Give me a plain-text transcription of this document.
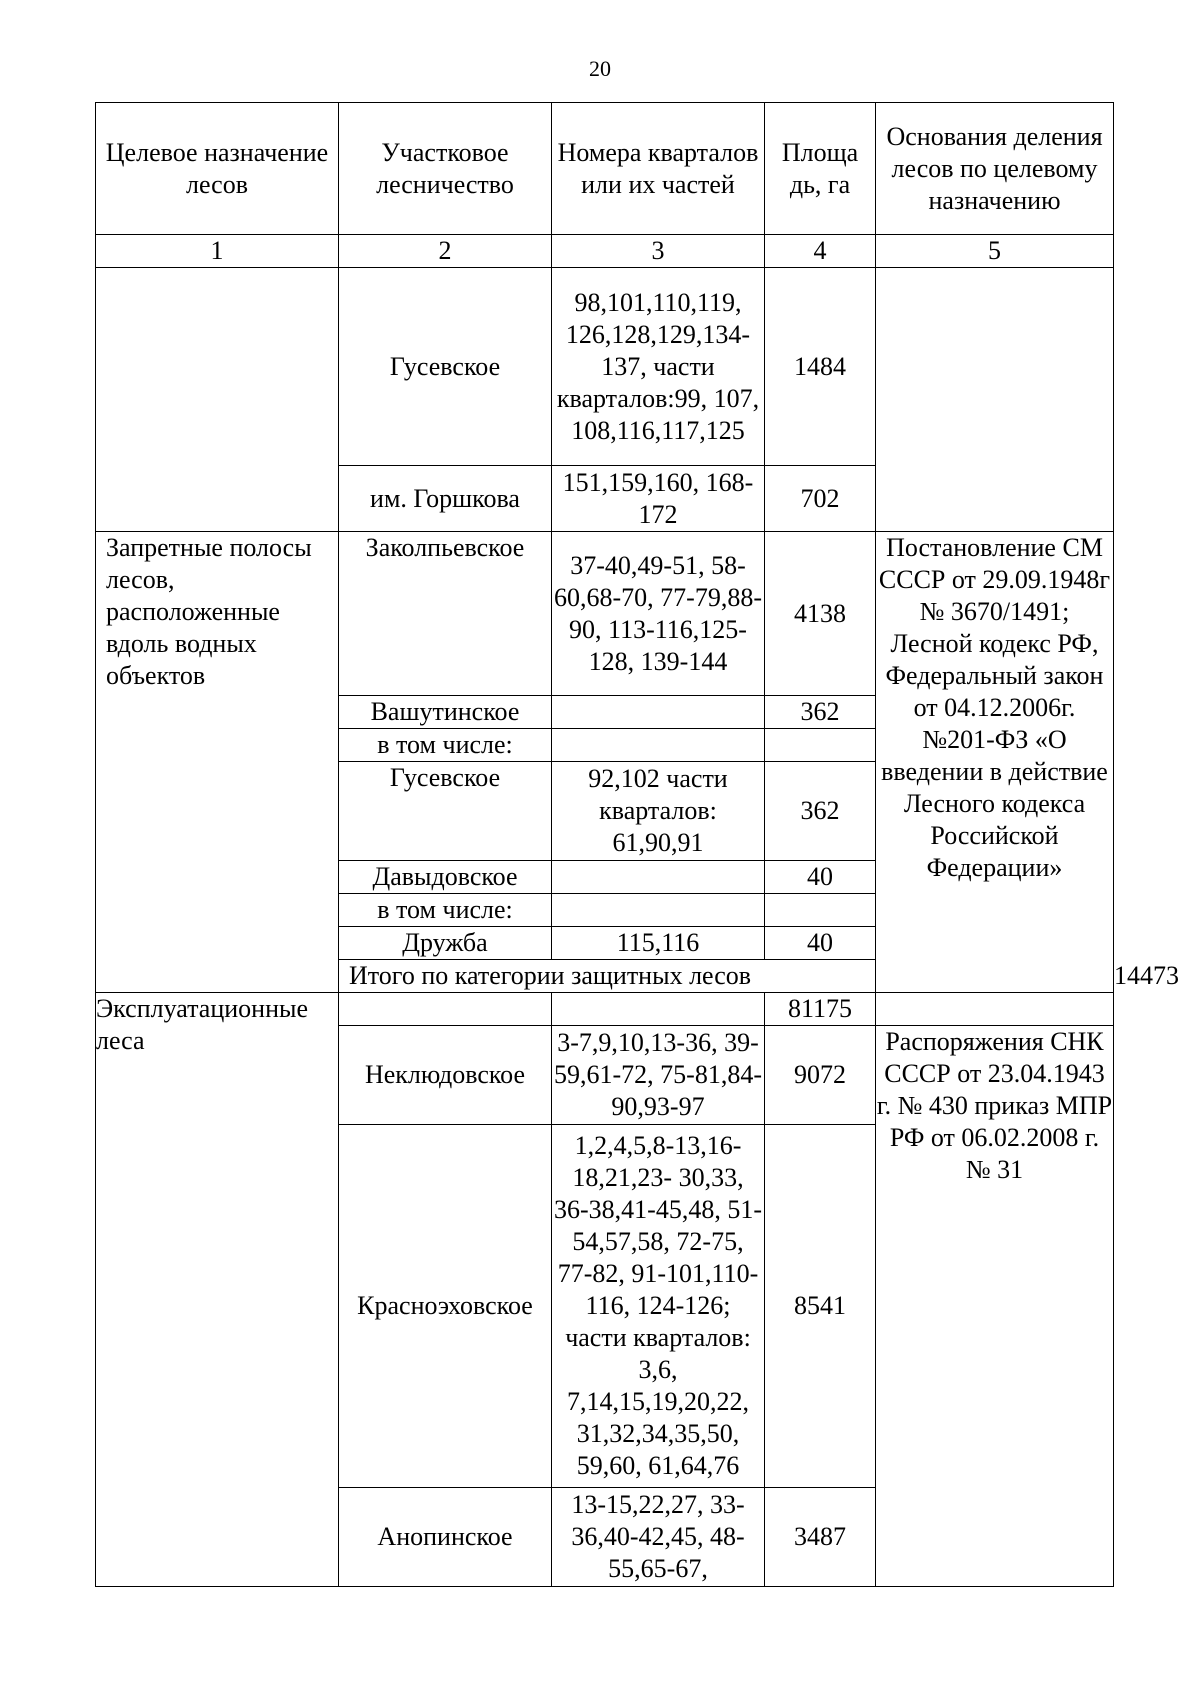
20
Целевое назначение лесов	Участковое лесничество	Номера кварталов или их частей	Площа дь, га	Основания деления лесов по целевому назначению	
1	2	3	4	5	
	Гусевское	98,101,110,119, 126,128,129,134-137, части кварталов:99, 107, 108,116,117,125	1484		
	им. Горшкова	151,159,160, 168-172	702		
Запретные полосы лесов, расположенные вдоль водных объектов	Заколпьевское	37-40,49-51, 58-60,68-70, 77-79,88-90, 113-116,125-128, 139-144	4138	Постановление СМ СССР от 29.09.1948г № 3670/1491; Лесной кодекс РФ, Федеральный закон от 04.12.2006г. №201-ФЗ «О введении в действие Лесного кодекса Российской Федерации»	
	Вашутинское		362		
	в том числе:				
	Гусевское	92,102 части кварталов: 61,90,91	362		
	Давыдовское		40		
	в том числе:				
	Дружба	115,116	40		
	Итого по категории защитных лесов				14473	
Эксплуатационные леса			81175		
	Неклюдовское	3-7,9,10,13-36, 39-59,61-72, 75-81,84-90,93-97	9072	Распоряжения СНК СССР от 23.04.1943 г. № 430 приказ МПР РФ от 06.02.2008 г. № 31	
	Красноэховское	1,2,4,5,8-13,16-18,21,23- 30,33, 36-38,41-45,48, 51- 54,57,58, 72-75, 77-82, 91-101,110-116, 124-126; части кварталов: 3,6, 7,14,15,19,20,22, 31,32,34,35,50, 59,60, 61,64,76	8541		
	Анопинское	13-15,22,27, 33-36,40-42,45, 48-55,65-67,	3487		
